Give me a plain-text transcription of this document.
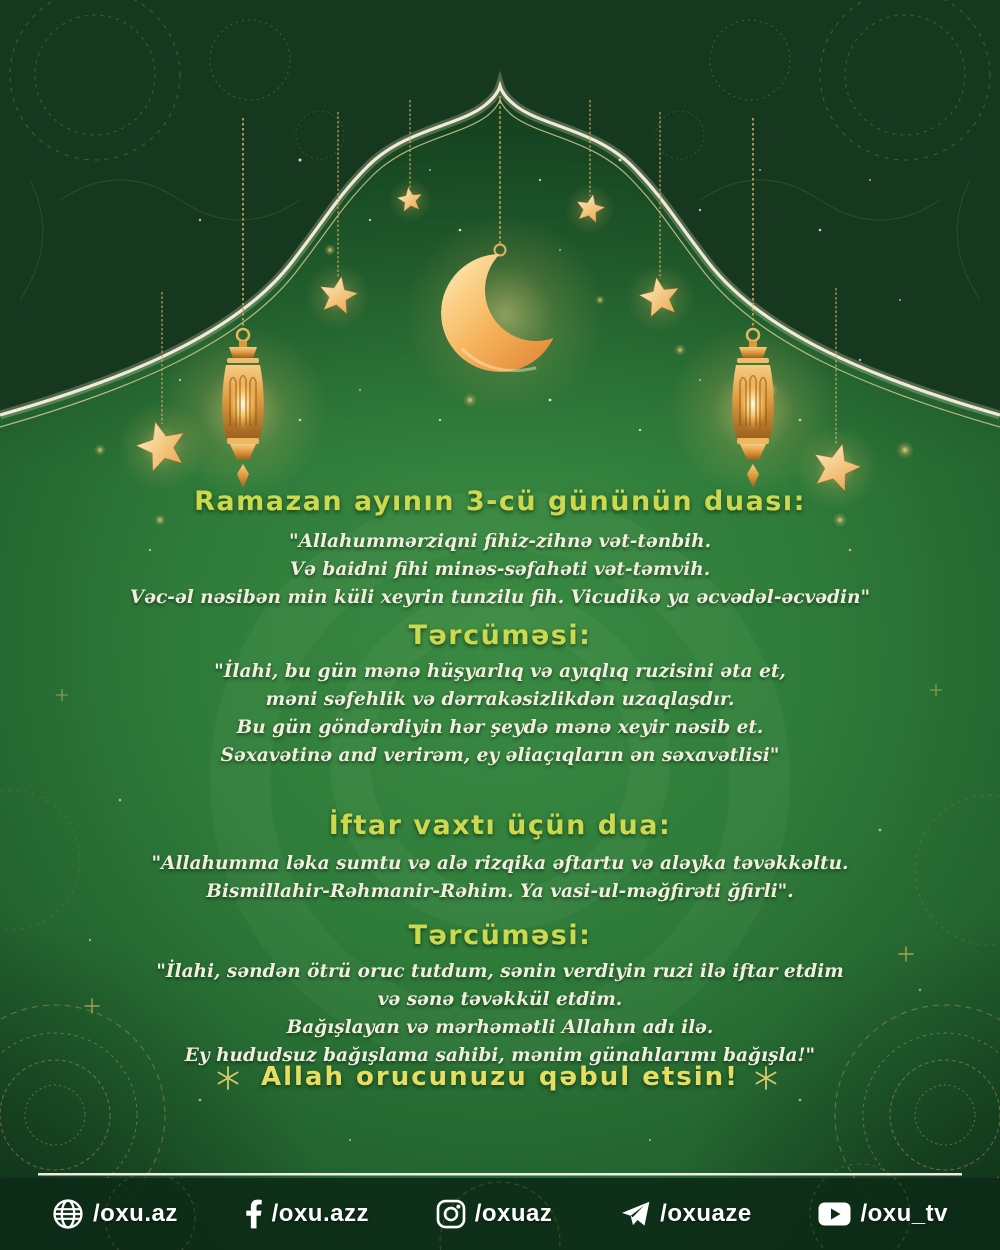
Ramazan ayının 3-cü gününün duası:
"Allahummərziqni fihiz-zihnə vət-tənbih.
Və baidni fihi minəs-səfahəti vət-təmvih.
Vəc-əl nəsibən min küli xeyrin tunzilu fih. Vicudikə ya əcvədəl-əcvədin"
Tərcüməsi:
"İlahi, bu gün mənə hüşyarlıq və ayıqlıq ruzisini əta et,
məni səfehlik və dərrakəsizlikdən uzaqlaşdır.
Bu gün göndərdiyin hər şeydə mənə xeyir nəsib et.
Səxavətinə and verirəm, ey əliaçıqların ən səxavətlisi"
İftar vaxtı üçün dua:
"Allahumma ləka sumtu və alə rizqika əftartu və aləyka təvəkkəltu.
Bismillahir-Rəhmanir-Rəhim. Ya vasi-ul-məğfirəti ğfirli".
Tərcüməsi:
"İlahi, səndən ötrü oruc tutdum, sənin verdiyin ruzi ilə iftar etdim
və sənə təvəkkül etdim.
Bağışlayan və mərhəmətli Allahın adı ilə.
Ey hududsuz bağışlama sahibi, mənim günahlarımı bağışla!"
Allah orucunuzu qəbul etsin!
/oxu.az	/oxu.azz	/oxuaz	/oxuaze	/oxu_tv
